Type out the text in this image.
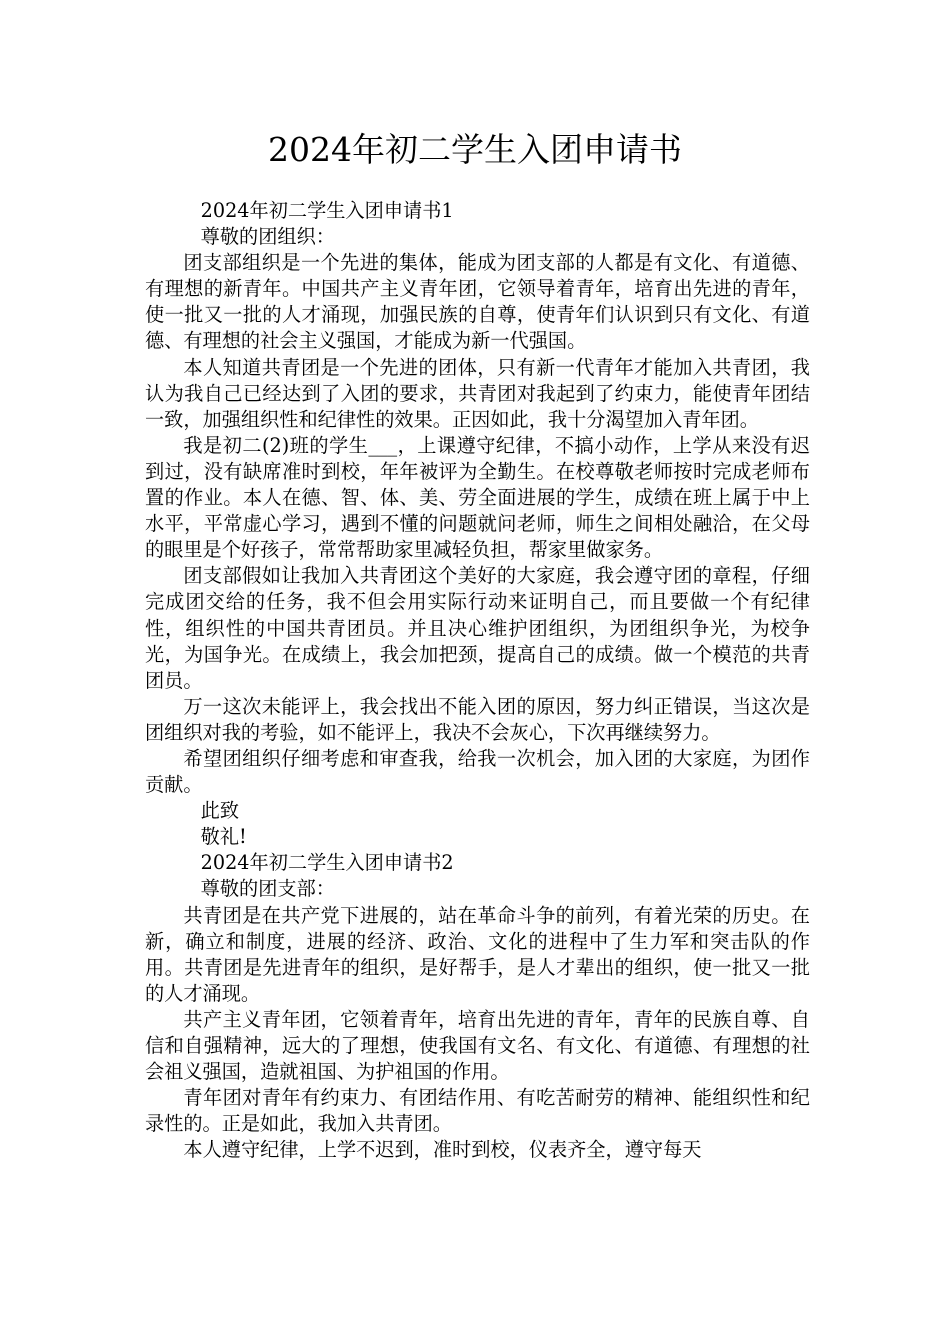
2024年初二学生入团申请书

2024年初二学生入团申请书1

尊敬的团组织：

团支部组织是一个先进的集体，能成为团支部的人都是有文化、有道德、有理想的新青年。中国共产主义青年团，它领导着青年，培育出先进的青年，使一批又一批的人才涌现，加强民族的自尊，使青年们认识到只有文化、有道德、有理想的社会主义强国，才能成为新一代强国。

本人知道共青团是一个先进的团体，只有新一代青年才能加入共青团，我认为我自己已经达到了入团的要求，共青团对我起到了约束力，能使青年团结一致，加强组织性和纪律性的效果。正因如此，我十分渴望加入青年团。

我是初二(2)班的学生___，上课遵守纪律，不搞小动作，上学从来没有迟到过，没有缺席准时到校，年年被评为全勤生。在校尊敬老师按时完成老师布置的作业。本人在德、智、体、美、劳全面进展的学生，成绩在班上属于中上水平，平常虚心学习，遇到不懂的问题就问老师，师生之间相处融洽，在父母的眼里是个好孩子，常常帮助家里减轻负担，帮家里做家务。

团支部假如让我加入共青团这个美好的大家庭，我会遵守团的章程，仔细完成团交给的任务，我不但会用实际行动来证明自己，而且要做一个有纪律性，组织性的中国共青团员。并且决心维护团组织，为团组织争光，为校争光，为国争光。在成绩上，我会加把颈，提高自己的成绩。做一个模范的共青团员。

万一这次未能评上，我会找出不能入团的原因，努力纠正错误，当这次是团组织对我的考验，如不能评上，我决不会灰心，下次再继续努力。

希望团组织仔细考虑和审查我，给我一次机会，加入团的大家庭，为团作贡献。

此致

敬礼!

2024年初二学生入团申请书2

尊敬的团支部：

共青团是在共产党下进展的，站在革命斗争的前列，有着光荣的历史。在新，确立和制度，进展的经济、政治、文化的进程中了生力军和突击队的作用。共青团是先进青年的组织，是好帮手，是人才辈出的组织，使一批又一批的人才涌现。

共产主义青年团，它领着青年，培育出先进的青年，青年的民族自尊、自信和自强精神，远大的了理想，使我国有文名、有文化、有道德、有理想的社会祖义强国，造就祖国、为护祖国的作用。

青年团对青年有约束力、有团结作用、有吃苦耐劳的精神、能组织性和纪录性的。正是如此，我加入共青团。

本人遵守纪律，上学不迟到，准时到校，仪表齐全，遵守每天
